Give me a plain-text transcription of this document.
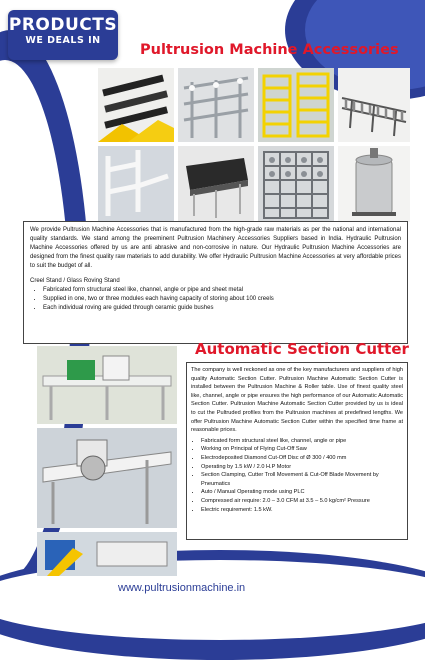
PRODUCTS
WE DEALS IN
Pultrusion Machine Accessories

We provide Pultrusion Machine Accessories that is manufactured from the high-grade raw materials as per the national and international quality standards. We stand among the preeminent Pultrusion Machinery Accessories Suppliers based in India. Hydraulic Pultrusion Machine Accessories offered by us are anti abrasive and non-corrosive in nature. Our Hydraulic Pultrusion Machine Accessories are designed from the finest quality raw materials to add durability. We offer Hydraulic Pultrusion Machine Accessories at very affordable prices to suit the budget of all.

Creel Stand / Glass Roving Stand

• Fabricated form structural steel like, channel, angle or pipe and sheet metal
• Supplied in one, two or three modules each having capacity of storing about 100 creels
• Each individual roving are guided through ceramic guide bushes
Automatic Section Cutter

The company is well reckoned as one of the key manufacturers and suppliers of high quality Automatic Section Cutter. Pultrusion Machine Automatic Section Cutter is installed between the Pultrusion Machine & Roller table. Use of finest quality steel like, channel, angle or pipe ensures the high performance of our Automatic Automatic Section Cutter. Pultrusion Machine Automatic Section Cutter provided by us is ideal to cut the Pultruded profiles from the Pultrusion machines at predefined lengths. We offer Pultrusion Machine Automatic Section Cutter within the specified time frame at reasonable prices.

• Fabricated form structural steel like, channel, angle or pipe
• Working on Principal of Flying Cut-Off Saw
• Electrodeposited Diamond Cut-Off Disc of Ø 300 / 400 mm
• Operating by 1.5 kW / 2.0 H.P Motor
• Section Clamping, Cutter Troll Movement & Cut-Off Blade Movement by Pneumatics
• Auto / Manual Operating mode using PLC
• Compressed air require: 2.0 – 3.0 CFM at 3.5 – 5.0 kg/cm² Pressure
• Electric requirement: 1.5 kW.
www.pultrusionmachine.in
